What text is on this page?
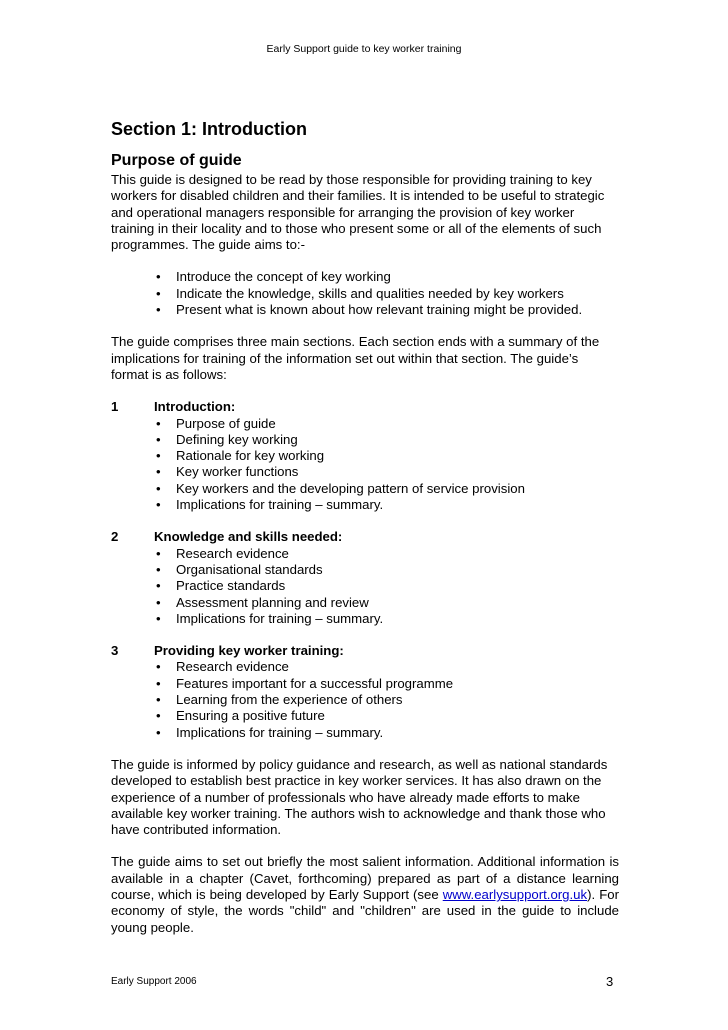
Early Support guide to key worker training
Section 1: Introduction
Purpose of guide

This guide is designed to be read by those responsible for providing training to key workers for disabled children and their families. It is intended to be useful to strategic and operational managers responsible for arranging the provision of key worker training in their locality and to those who present some or all of the elements of such programmes. The guide aims to:-

• Introduce the concept of key working
• Indicate the knowledge, skills and qualities needed by key workers
• Present what is known about how relevant training might be provided.

The guide comprises three main sections. Each section ends with a summary of the implications for training of the information set out within that section. The guide’s format is as follows:

1	Introduction:
• Purpose of guide
• Defining key working
• Rationale for key working
• Key worker functions
• Key workers and the developing pattern of service provision
• Implications for training – summary.
2	Knowledge and skills needed:
• Research evidence
• Organisational standards
• Practice standards
• Assessment planning and review
• Implications for training – summary.
3	Providing key worker training:
• Research evidence
• Features important for a successful programme
• Learning from the experience of others
• Ensuring a positive future
• Implications for training – summary.

The guide is informed by policy guidance and research, as well as national standards developed to establish best practice in key worker services. It has also drawn on the experience of a number of professionals who have already made efforts to make available key worker training. The authors wish to acknowledge and thank those who have contributed information.

The guide aims to set out briefly the most salient information. Additional information is available in a chapter (Cavet, forthcoming) prepared as part of a distance learning course, which is being developed by Early Support (see www.earlysupport.org.uk). For economy of style, the words "child" and "children" are used in the guide to include young people.

Early Support 2006	3
